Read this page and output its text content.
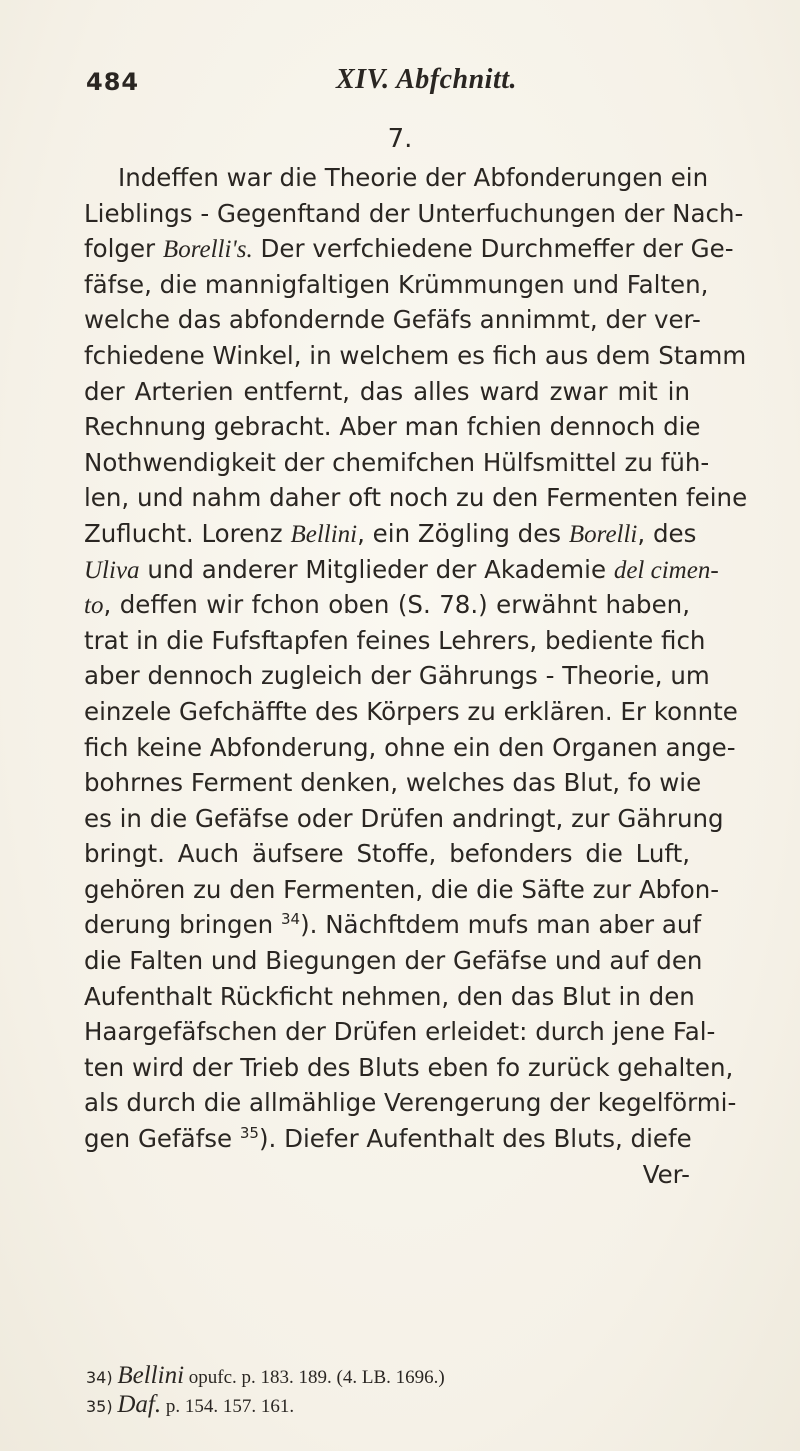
484	XIV. Abfchnitt.
7.
Indeffen war die Theorie der Abfonderungen ein
Lieblings - Gegenftand der Unterfuchungen der Nach-
folger Borelli's. Der verfchiedene Durchmeffer der Ge-
fäfse, die mannigfaltigen Krümmungen und Falten,
welche das abfondernde Gefäfs annimmt, der ver-
fchiedene Winkel, in welchem es fich aus dem Stamm
der Arterien entfernt, das alles ward zwar mit in
Rechnung gebracht. Aber man fchien dennoch die
Nothwendigkeit der chemifchen Hülfsmittel zu füh-
len, und nahm daher oft noch zu den Fermenten feine
Zuflucht. Lorenz Bellini, ein Zögling des Borelli, des
Uliva und anderer Mitglieder der Akademie del cimen-
to, deffen wir fchon oben (S. 78.) erwähnt haben,
trat in die Fufsftapfen feines Lehrers, bediente fich
aber dennoch zugleich der Gährungs - Theorie, um
einzele Gefchäffte des Körpers zu erklären. Er konnte
fich keine Abfonderung, ohne ein den Organen ange-
bohrnes Ferment denken, welches das Blut, fo wie
es in die Gefäfse oder Drüfen andringt, zur Gährung
bringt. Auch äufsere Stoffe, befonders die Luft,
gehören zu den Fermenten, die die Säfte zur Abfon-
derung bringen $^{34}$). Nächftdem mufs man aber auf
die Falten und Biegungen der Gefäfse und auf den
Aufenthalt Rückficht nehmen, den das Blut in den
Haargefäfschen der Drüfen erleidet: durch jene Fal-
ten wird der Trieb des Bluts eben fo zurück gehalten,
als durch die allmählige Verengerung der kegelförmi-
gen Gefäfse $^{35}$). Diefer Aufenthalt des Bluts, diefe
Ver-
34) Bellini opufc. p. 183. 189. (4. LB. 1696.)
35) Daf. p. 154. 157. 161.
